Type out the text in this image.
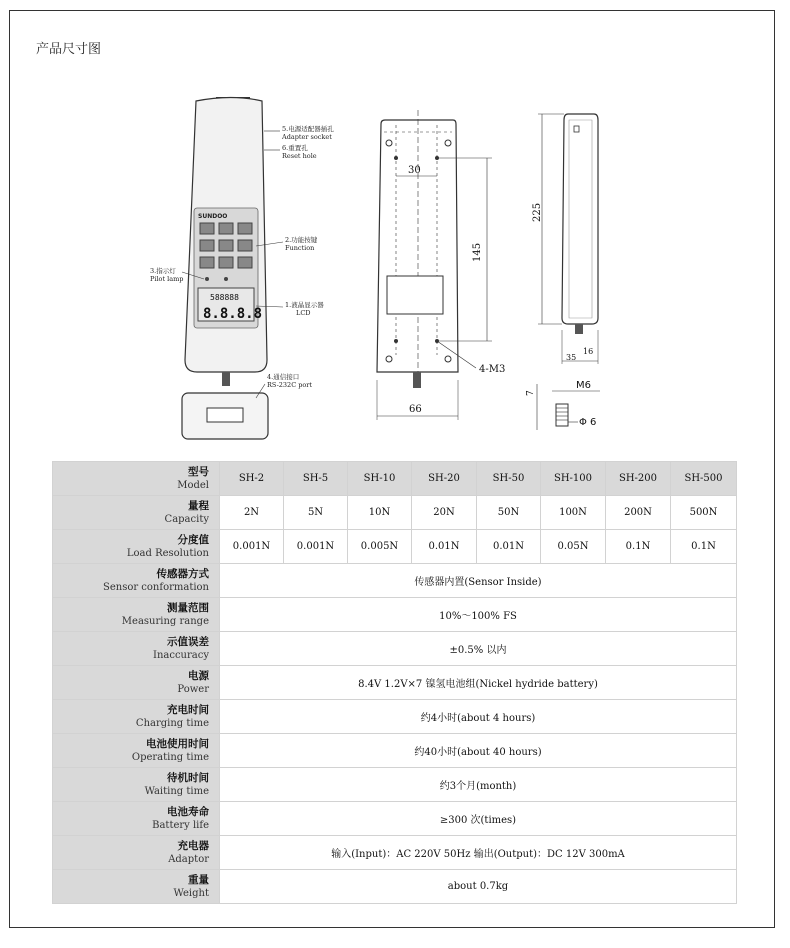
产品尺寸图
SUNDOO
588888
8.8.8.8
5.电源适配器插孔
Adapter socket
6.重置孔
Reset hole
2.功能按键
Function
3.指示灯
Pilot lamp
1.液晶显示器
LCD
4.通信接口
RS-232C port
30
145
4-M3
66
225
35
16
M6
7
Φ 6
型号
Model	SH-2	SH-5	SH-10	SH-20	SH-50	SH-100	SH-200	SH-500

量程
Capacity	2N	5N	10N	20N	50N	100N	200N	500N

分度值
Load Resolution	0.001N	0.001N	0.005N	0.01N	0.01N	0.05N	0.1N	0.1N

传感器方式
Sensor conformation	传感器内置(Sensor Inside)							

测量范围
Measuring range	10%～100% FS							

示值误差
Inaccuracy	±0.5% 以内							

电源
Power	8.4V 1.2V×7 镍氢电池组(Nickel hydride battery)							

充电时间
Charging time	约4小时(about 4 hours)							

电池使用时间
Operating time	约40小时(about 40 hours)							

待机时间
Waiting time	约3个月(month)							

电池寿命
Battery life	≥300 次(times)							

充电器
Adaptor	输入(Input)：AC 220V 50Hz 输出(Output)：DC 12V 300mA							

重量
Weight	about 0.7kg							
